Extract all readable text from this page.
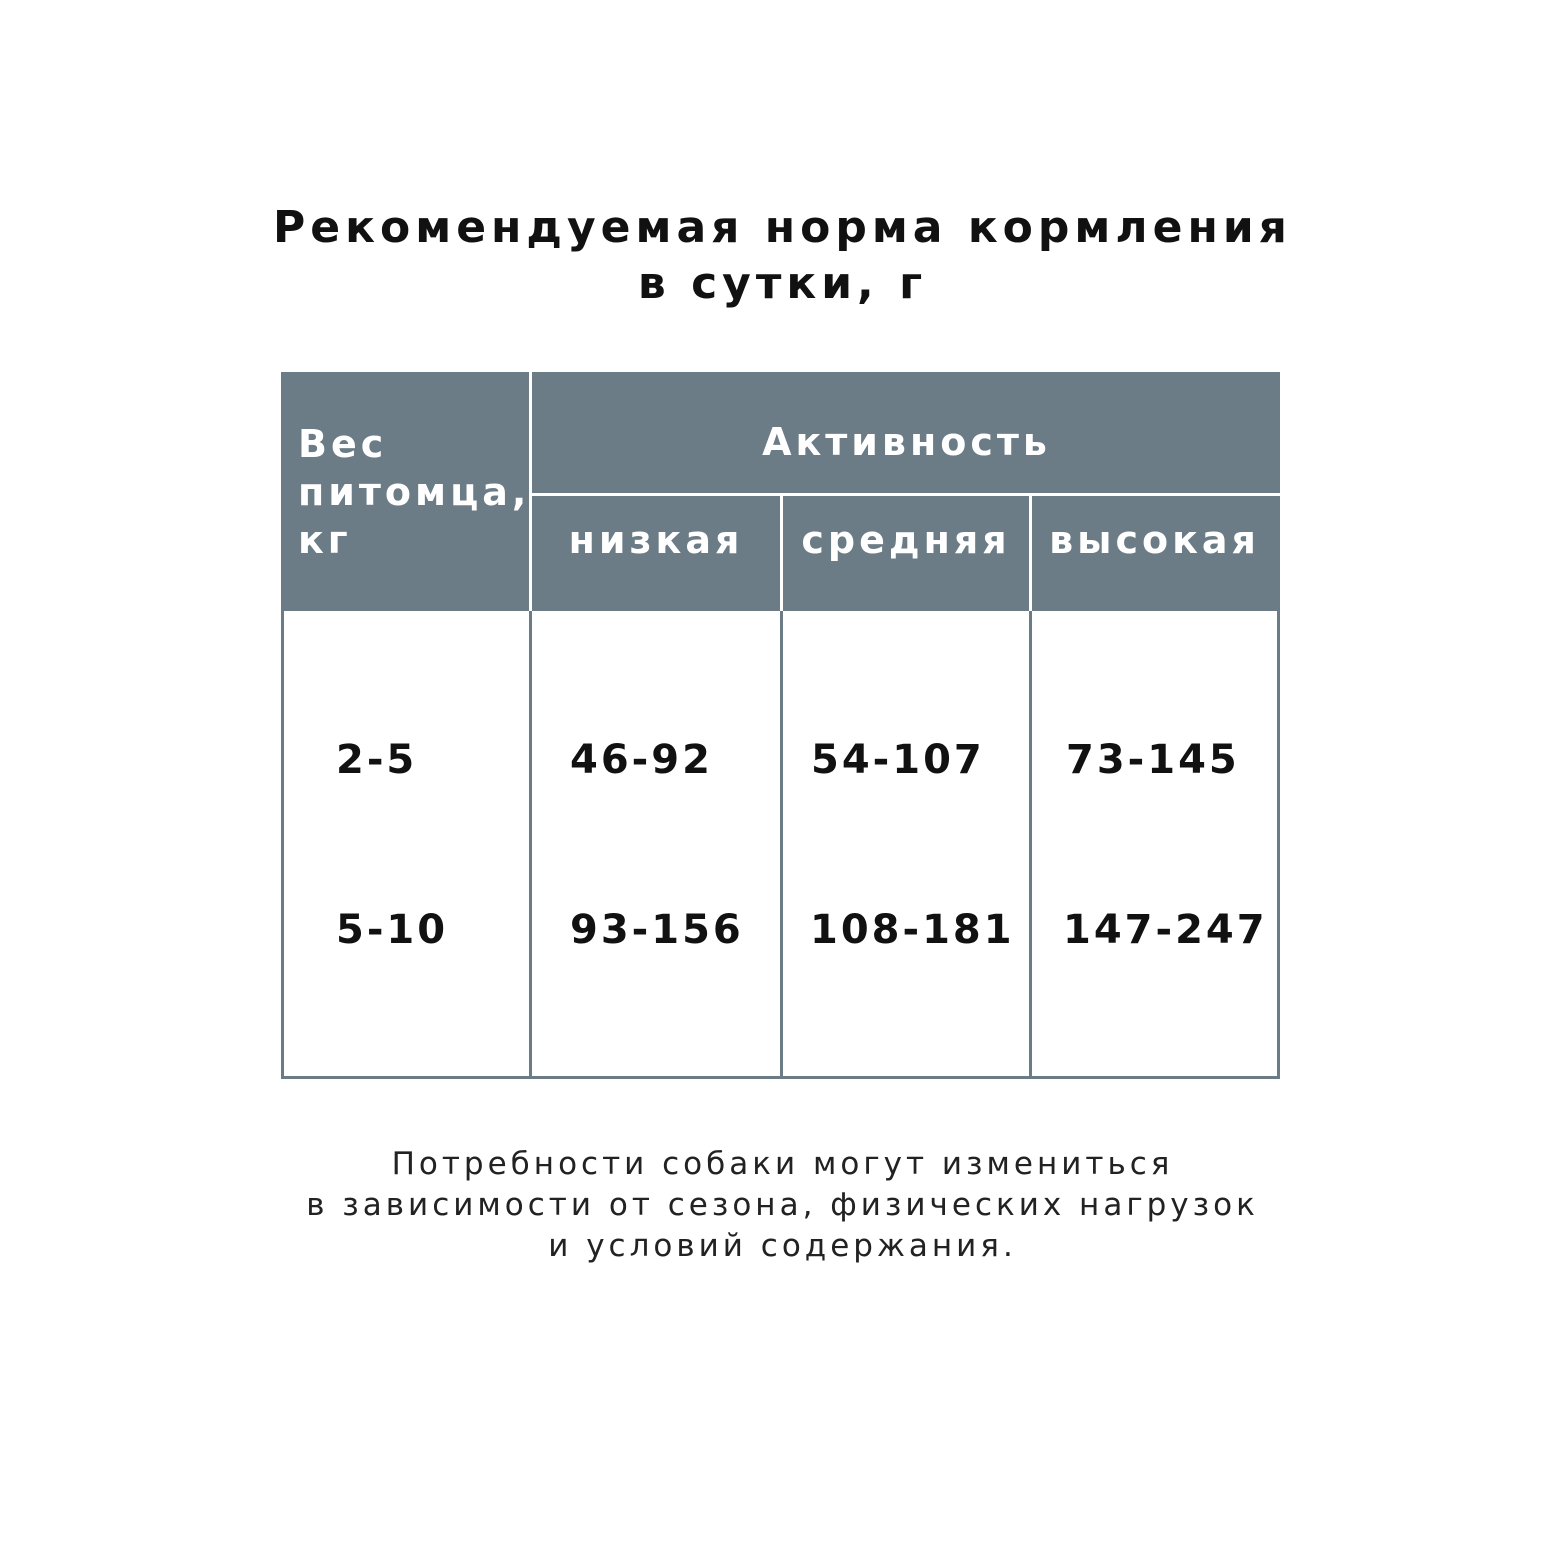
Рекомендуемая норма кормления
в сутки, г
Вес
питомца,
кг
Активность
низкая	средняя	высокая
2-5	46-92 54-107 73-145
5-10	93-156 108-181 147-247
Потребности собаки могут измениться
в зависимости от сезона, физических нагрузок
и условий содержания.
